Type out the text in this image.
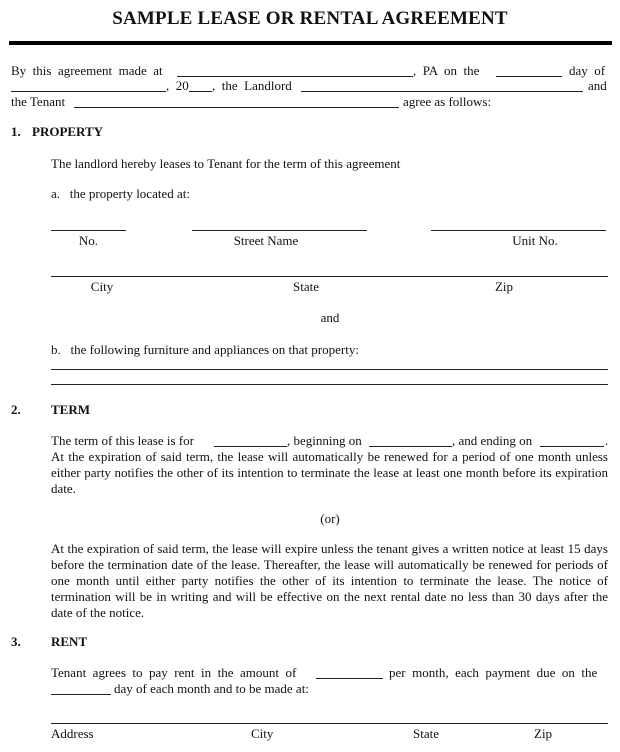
SAMPLE LEASE OR RENTAL AGREEMENT
By  this  agreement  made  at	,  PA  on  the	day  of
,  20 ,  the  Landlord	and
the Tenant	agree as follows:
1. PROPERTY
The landlord hereby leases to Tenant for the term of this agreement
a.   the property located at:
No.	Street Name	Unit No.
City	State	Zip
and
b.   the following furniture and appliances on that property:
2. TERM
The term of this lease is for	, beginning on	, and ending on	.
At the expiration of said term, the lease will automatically be renewed for a period of one month unless either party notifies the other of its intention to terminate the lease at least one month before its expiration date.
(or)
At the expiration of said term, the lease will expire unless the tenant gives a written notice at least 15 days before the termination date of the lease. Thereafter, the lease will automatically be renewed for periods of one month until either party notifies the other of its intention to terminate the lease. The notice of termination will be in writing and will be effective on the next rental date no less than 30 days after the date of the notice.
3. RENT
Tenant  agrees  to  pay  rent  in  the  amount  of	per  month,  each  payment  due  on  the
day of each month and to be made at:
Address	City	State	Zip
